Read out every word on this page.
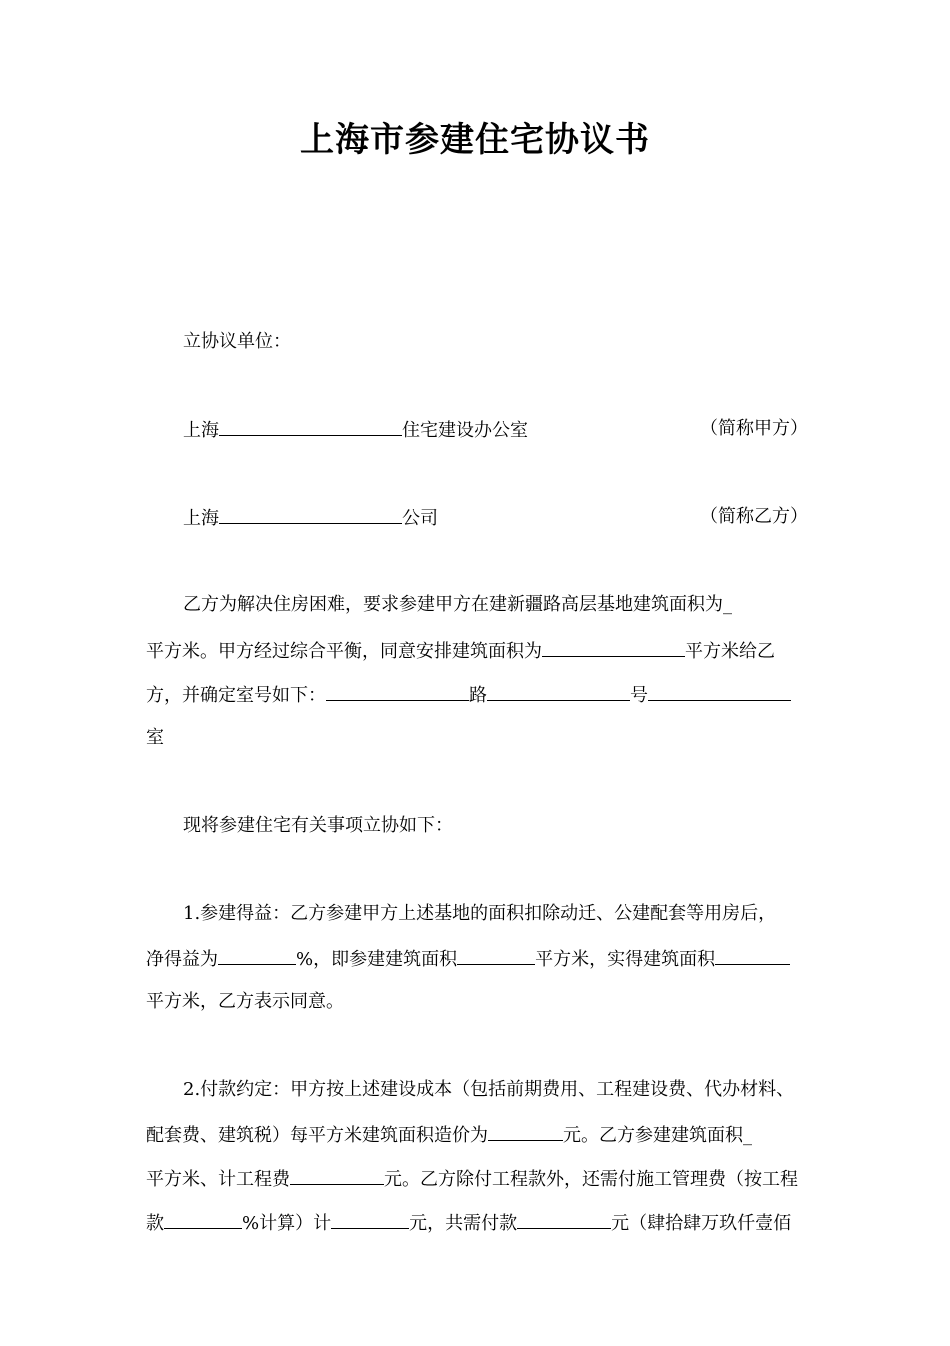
上海市参建住宅协议书
立协议单位：
上海	住宅建设办公室	（简称甲方）
上海	公司	（简称乙方）
乙方为解决住房困难，要求参建甲方在建新疆路高层基地建筑面积为_
平方米。甲方经过综合平衡，同意安排建筑面积为	平方米给乙
方，并确定室号如下：	路	号
室
现将参建住宅有关事项立协如下：
1.参建得益：乙方参建甲方上述基地的面积扣除动迁、公建配套等用房后，
净得益为	%，即参建建筑面积	平方米，实得建筑面积
平方米，乙方表示同意。
2.付款约定：甲方按上述建设成本（包括前期费用、工程建设费、代办材料、
配套费、建筑税）每平方米建筑面积造价为	元。乙方参建建筑面积_
平方米、计工程费	元。乙方除付工程款外，还需付施工管理费（按工程
款	%计算）计	元，共需付款	元（肆拾肆万玖仟壹佰
